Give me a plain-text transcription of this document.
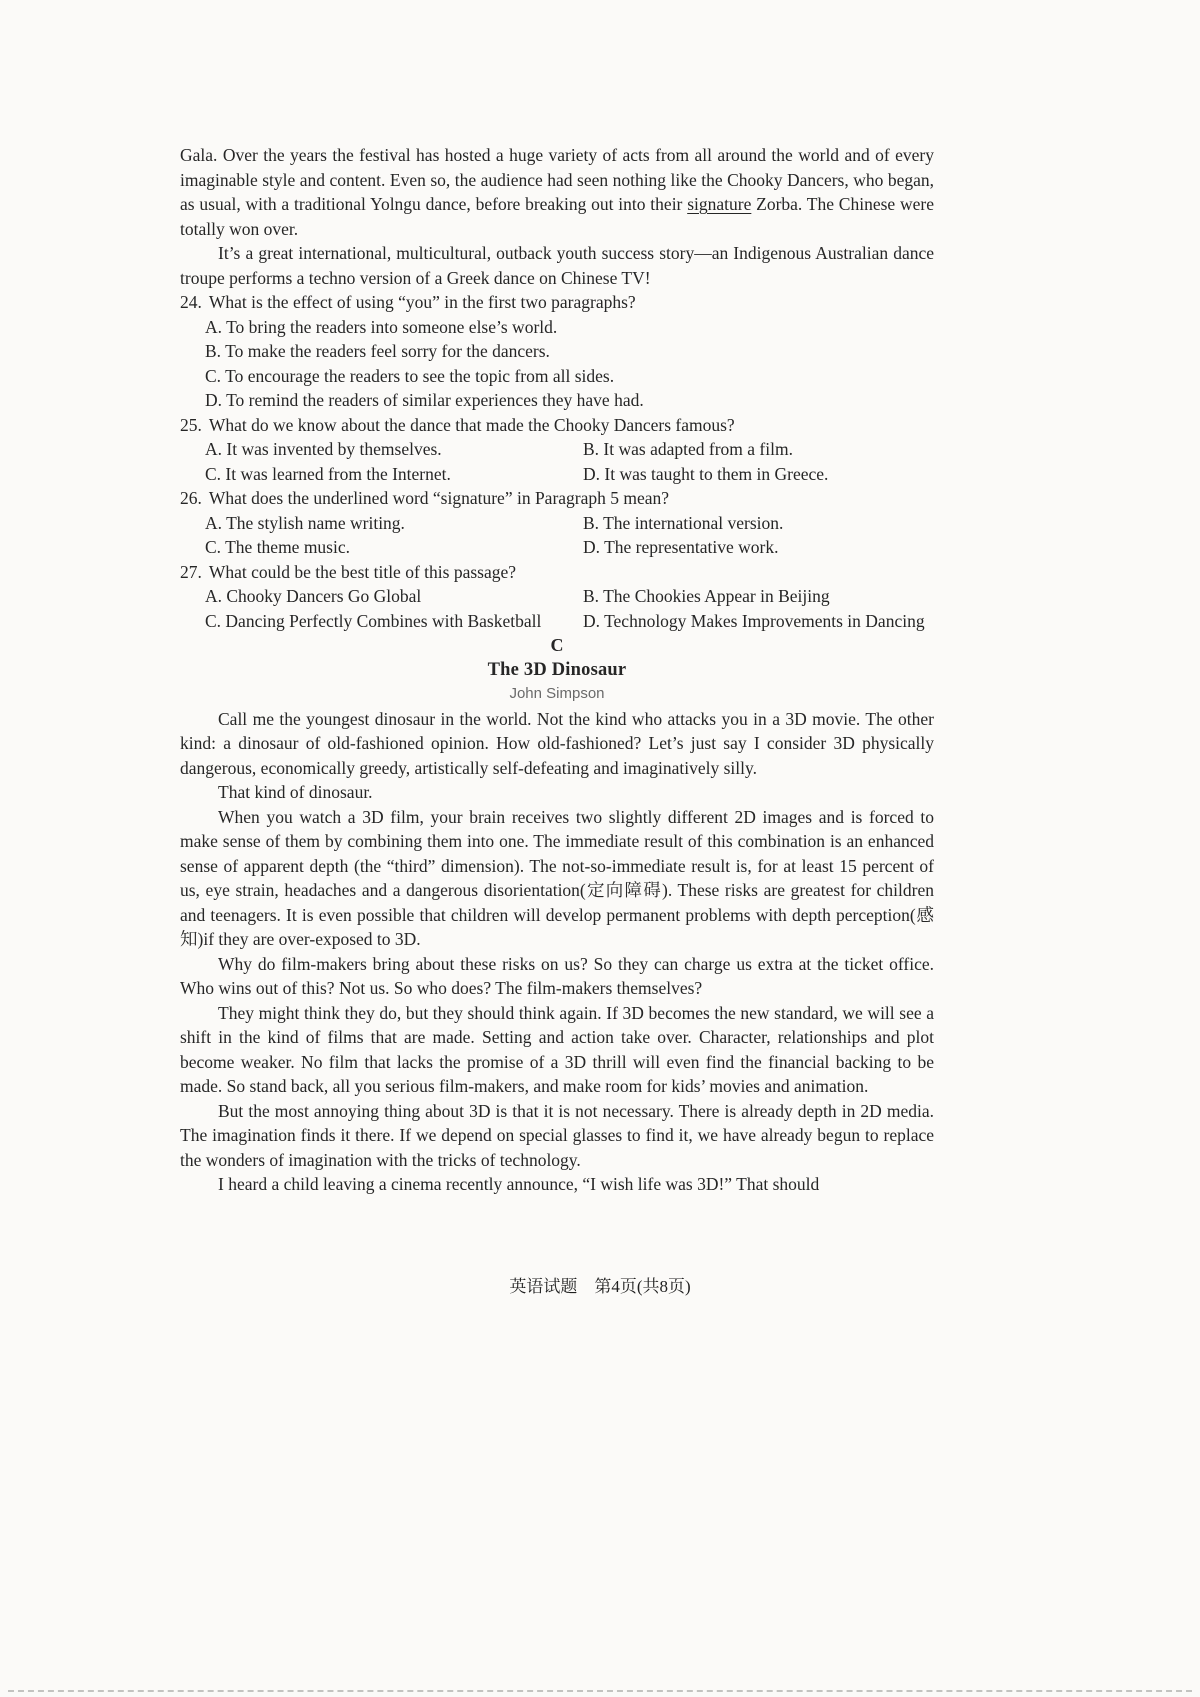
Gala. Over the years the festival has hosted a huge variety of acts from all around the world and of every imaginable style and content. Even so, the audience had seen nothing like the Chooky Dancers, who began, as usual, with a traditional Yolngu dance, before breaking out into their signature Zorba. The Chinese were totally won over.

It’s a great international, multicultural, outback youth success story—an Indigenous Australian dance troupe performs a techno version of a Greek dance on Chinese TV!

24. What is the effect of using “you” in the first two paragraphs?

A. To bring the readers into someone else’s world.

B. To make the readers feel sorry for the dancers.

C. To encourage the readers to see the topic from all sides.

D. To remind the readers of similar experiences they have had.

25. What do we know about the dance that made the Chooky Dancers famous?

A. It was invented by themselves.	B. It was adapted from a film.
C. It was learned from the Internet.	D. It was taught to them in Greece.

26. What does the underlined word “signature” in Paragraph 5 mean?

A. The stylish name writing.	B. The international version.
C. The theme music.	D. The representative work.

27. What could be the best title of this passage?

A. Chooky Dancers Go Global	B. The Chookies Appear in Beijing
C. Dancing Perfectly Combines with Basketball	D. Technology Makes Improvements in Dancing

C

The 3D Dinosaur

John Simpson

Call me the youngest dinosaur in the world. Not the kind who attacks you in a 3D movie. The other kind: a dinosaur of old-fashioned opinion. How old-fashioned? Let’s just say I consider 3D physically dangerous, economically greedy, artistically self-defeating and imaginatively silly.

That kind of dinosaur.

When you watch a 3D film, your brain receives two slightly different 2D images and is forced to make sense of them by combining them into one. The immediate result of this combination is an enhanced sense of apparent depth (the “third” dimension). The not-so-immediate result is, for at least 15 percent of us, eye strain, headaches and a dangerous disorientation(定向障碍). These risks are greatest for children and teenagers. It is even possible that children will develop permanent problems with depth perception(感知)if they are over-exposed to 3D.

Why do film-makers bring about these risks on us? So they can charge us extra at the ticket office. Who wins out of this? Not us. So who does? The film-makers themselves?

They might think they do, but they should think again. If 3D becomes the new standard, we will see a shift in the kind of films that are made. Setting and action take over. Character, relationships and plot become weaker. No film that lacks the promise of a 3D thrill will even find the financial backing to be made. So stand back, all you serious film-makers, and make room for kids’ movies and animation.

But the most annoying thing about 3D is that it is not necessary. There is already depth in 2D media. The imagination finds it there. If we depend on special glasses to find it, we have already begun to replace the wonders of imagination with the tricks of technology.

I heard a child leaving a cinema recently announce, “I wish life was 3D!” That should

英语试题　第4页(共8页)
